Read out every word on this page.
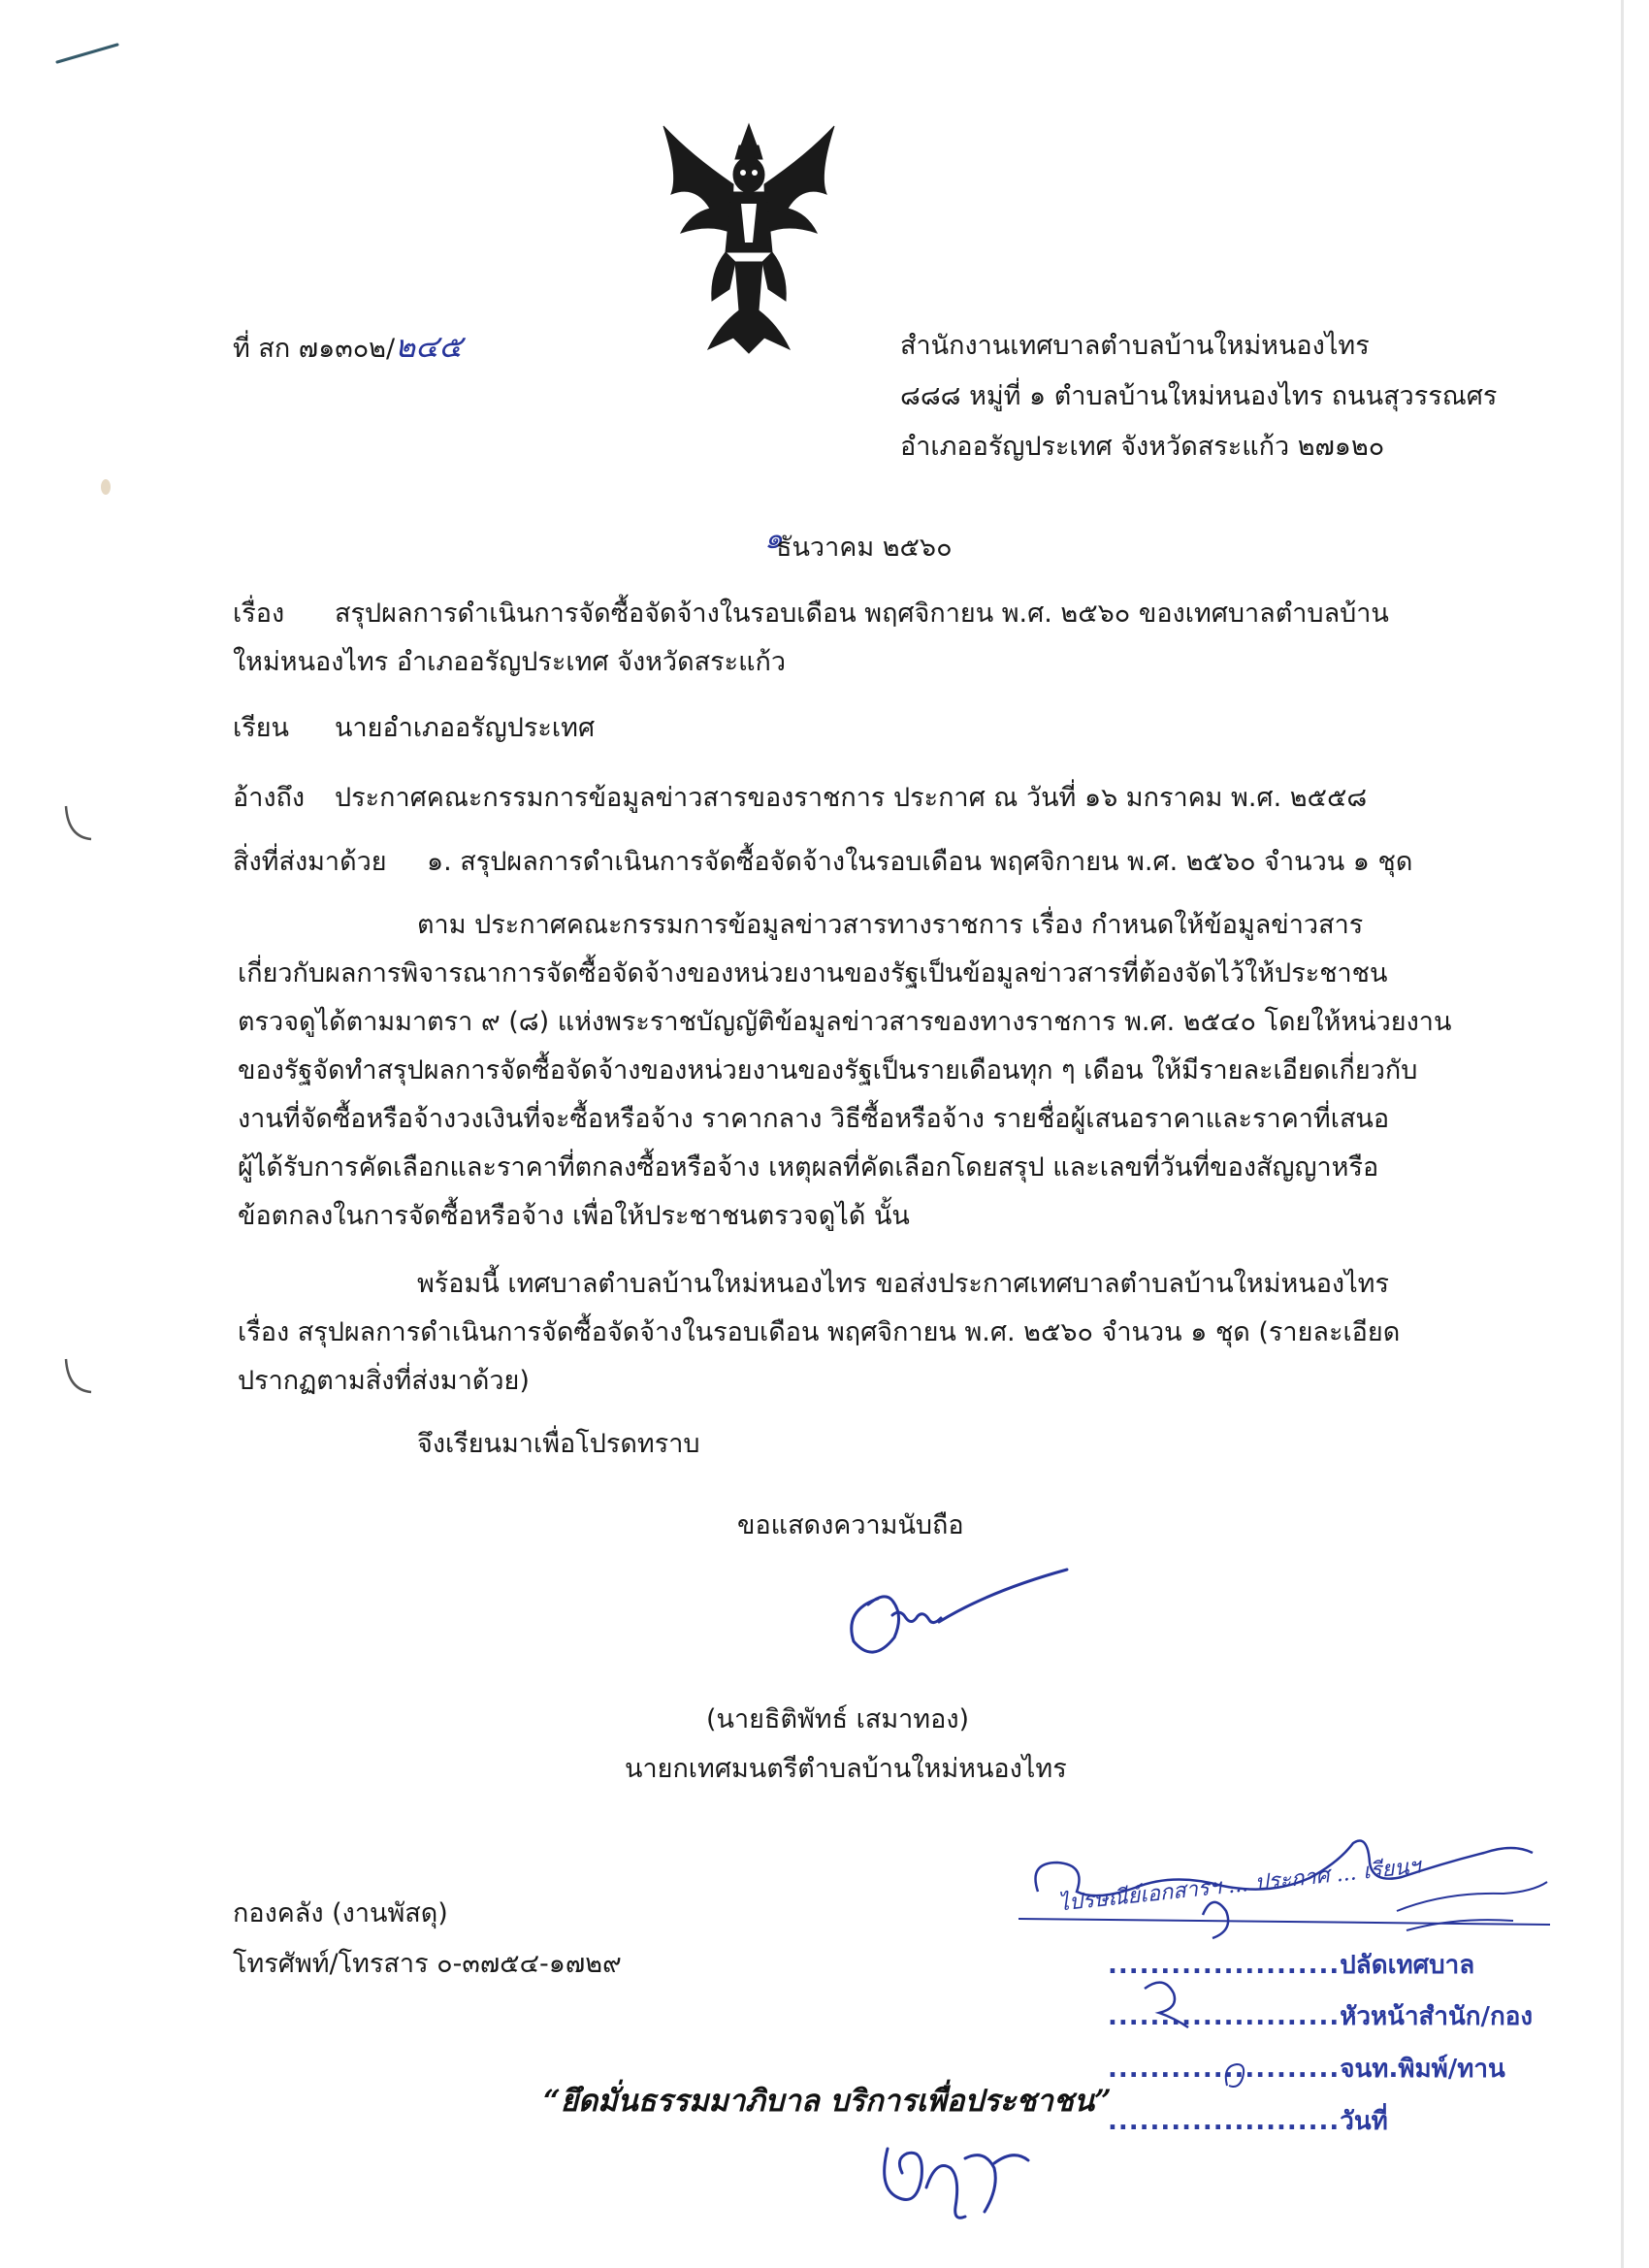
ที่ สก ๗๑๓๐๒/๒๔๕	สำนักงานเทศบาลตำบลบ้านใหม่หนองไทร
๘๘๘ หมู่ที่ ๑ ตำบลบ้านใหม่หนองไทร ถนนสุวรรณศร
อำเภออรัญประเทศ จังหวัดสระแก้ว ๒๗๑๒๐
๑
ธันวาคม ๒๕๖๐
เรื่อง สรุปผลการดำเนินการจัดซื้อจัดจ้างในรอบเดือน พฤศจิกายน พ.ศ. ๒๕๖๐ ของเทศบาลตำบลบ้าน
ใหม่หนองไทร อำเภออรัญประเทศ จังหวัดสระแก้ว
เรียน นายอำเภออรัญประเทศ
อ้างถึง ประกาศคณะกรรมการข้อมูลข่าวสารของราชการ ประกาศ ณ วันที่ ๑๖ มกราคม พ.ศ. ๒๕๕๘
สิ่งที่ส่งมาด้วย ๑. สรุปผลการดำเนินการจัดซื้อจัดจ้างในรอบเดือน พฤศจิกายน พ.ศ. ๒๕๖๐ จำนวน ๑ ชุด
ตาม ประกาศคณะกรรมการข้อมูลข่าวสารทางราชการ เรื่อง กำหนดให้ข้อมูลข่าวสาร
เกี่ยวกับผลการพิจารณาการจัดซื้อจัดจ้างของหน่วยงานของรัฐเป็นข้อมูลข่าวสารที่ต้องจัดไว้ให้ประชาชน
ตรวจดูได้ตามมาตรา ๙ (๘) แห่งพระราชบัญญัติข้อมูลข่าวสารของทางราชการ พ.ศ. ๒๕๔๐ โดยให้หน่วยงาน
ของรัฐจัดทำสรุปผลการจัดซื้อจัดจ้างของหน่วยงานของรัฐเป็นรายเดือนทุก ๆ เดือน ให้มีรายละเอียดเกี่ยวกับ
งานที่จัดซื้อหรือจ้างวงเงินที่จะซื้อหรือจ้าง ราคากลาง วิธีซื้อหรือจ้าง รายชื่อผู้เสนอราคาและราคาที่เสนอ
ผู้ได้รับการคัดเลือกและราคาที่ตกลงซื้อหรือจ้าง เหตุผลที่คัดเลือกโดยสรุป และเลขที่วันที่ของสัญญาหรือ
ข้อตกลงในการจัดซื้อหรือจ้าง เพื่อให้ประชาชนตรวจดูได้ นั้น
พร้อมนี้ เทศบาลตำบลบ้านใหม่หนองไทร ขอส่งประกาศเทศบาลตำบลบ้านใหม่หนองไทร
เรื่อง สรุปผลการดำเนินการจัดซื้อจัดจ้างในรอบเดือน พฤศจิกายน พ.ศ. ๒๕๖๐ จำนวน ๑ ชุด (รายละเอียด
ปรากฏตามสิ่งที่ส่งมาด้วย)
จึงเรียนมาเพื่อโปรดทราบ
ขอแสดงความนับถือ
(นายธิติพัทธ์ เสมาทอง)
นายกเทศมนตรีตำบลบ้านใหม่หนองไทร
กองคลัง (งานพัสดุ)
โทรศัพท์/โทรสาร ๐-๓๗๕๔-๑๗๒๙
“ยึดมั่นธรรมมาภิบาล บริการเพื่อประชาชน”
ไปรษณีย์เอกสารฯ ... ประกาศ ... เรียนฯ
......................ปลัดเทศบาล
......................หัวหน้าสำนัก/กอง
......................จนท.พิมพ์/ทาน
......................วันที่
